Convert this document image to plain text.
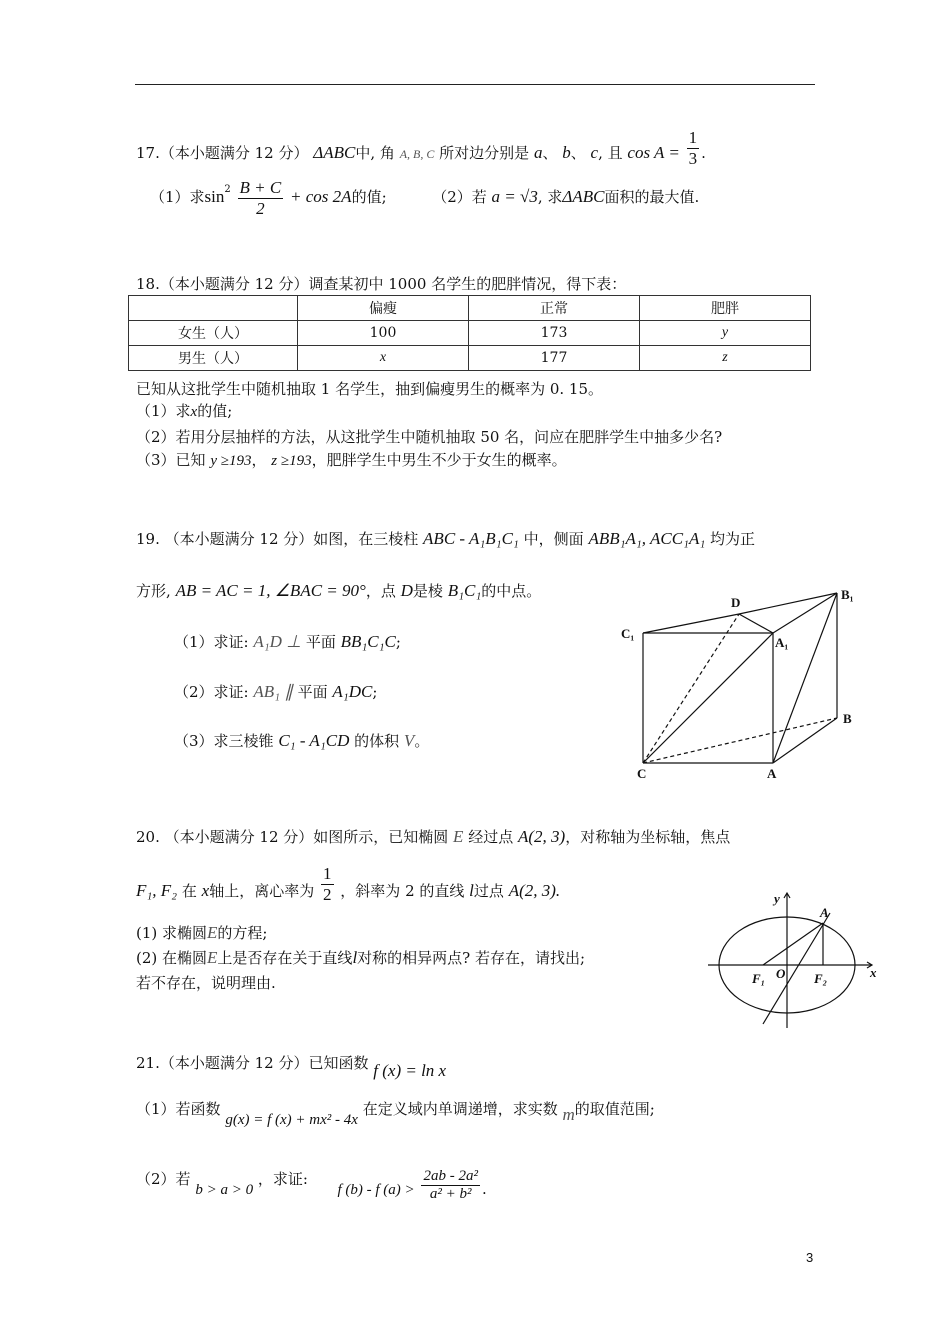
17.（本小题满分 12 分） ΔABC中, 角 A, B, C 所对边分别是 a、 b、 c, 且 $\cos A = \frac{1}{3}$ .
（1）求$\sin^2 \frac{B + C}{2} + \cos 2A$的值;	（2）若 a = √3, 求ΔABC面积的最大值.
18.（本小题满分 12 分）调查某初中 1000 名学生的肥胖情况，得下表：
	偏瘦	正常	肥胖
女生（人）	100	173	y
男生（人）	x	177	z
已知从这批学生中随机抽取 1 名学生，抽到偏瘦男生的概率为 0. 15。
（1）求x的值;
（2）若用分层抽样的方法，从这批学生中随机抽取 50 名，问应在肥胖学生中抽多少名?
（3）已知 y ≥193， z ≥193，肥胖学生中男生不少于女生的概率。
19. （本小题满分 12 分）如图，在三棱柱 ABC - A₁B₁C₁ 中，侧面 ABB₁A₁, ACC₁A₁ 均为正
方形, AB = AC = 1, ∠BAC = 90°，点 D是棱 B₁C₁的中点。
（1）求证: A₁D ⊥ 平面 BB₁C₁C;
（2）求证: AB₁ ∥ 平面 A₁DC;
（3）求三棱锥 C₁ - A₁CD 的体积 V。
D
B₁
C₁
A₁
B
C	A
20. （本小题满分 12 分）如图所示，已知椭圆 E 经过点 A(2, 3)，对称轴为坐标轴，焦点
F₁, F₂ 在 x轴上，离心率为 $\frac{1}{2}$ ，斜率为 2 的直线 l过点 A(2, 3).
(1) 求椭圆E的方程;
(2) 在椭圆E上是否存在关于直线l对称的相异两点? 若存在，请找出;
若不存在，说明理由.
y
A
F₁ O F₂	x
21.（本小题满分 12 分）已知函数 f (x) = ln x
（1）若函数 g(x) = f (x) + mx² - 4x 在定义域内单调递增，求实数 m的取值范围;
（2）若 b > a > 0 ，求证:  f (b) - f $(a) > \frac{\text{2ab - 2a²}}{\text{a² + b²}}$ .
3
